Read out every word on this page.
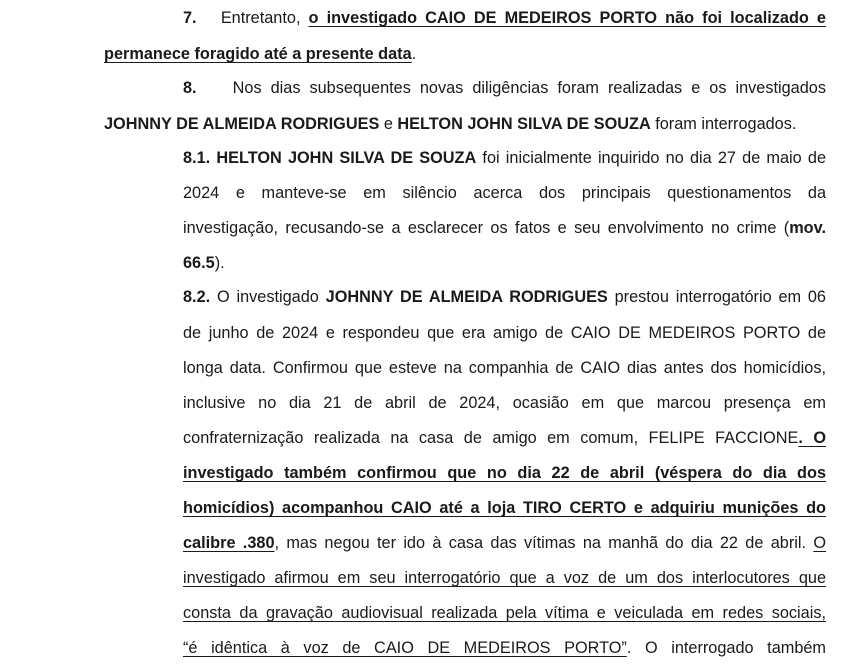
7. Entretanto, o investigado CAIO DE MEDEIROS PORTO não foi localizado e
permanece foragido até a presente data.
8. Nos dias subsequentes novas diligências foram realizadas e os investigados
JOHNNY DE ALMEIDA RODRIGUES e HELTON JOHN SILVA DE SOUZA foram interrogados.
8.1. HELTON JOHN SILVA DE SOUZA foi inicialmente inquirido no dia 27 de maio de
2024 e manteve-se em silêncio acerca dos principais questionamentos da
investigação, recusando-se a esclarecer os fatos e seu envolvimento no crime (mov.
66.5).
8.2. O investigado JOHNNY DE ALMEIDA RODRIGUES prestou interrogatório em 06
de junho de 2024 e respondeu que era amigo de CAIO DE MEDEIROS PORTO de
longa data. Confirmou que esteve na companhia de CAIO dias antes dos homicídios,
inclusive no dia 21 de abril de 2024, ocasião em que marcou presença em
confraternização realizada na casa de amigo em comum, FELIPE FACCIONE. O
investigado também confirmou que no dia 22 de abril (véspera do dia dos
homicídios) acompanhou CAIO até a loja TIRO CERTO e adquiriu munições do
calibre .380, mas negou ter ido à casa das vítimas na manhã do dia 22 de abril. O
investigado afirmou em seu interrogatório que a voz de um dos interlocutores que
consta da gravação audiovisual realizada pela vítima e veiculada em redes sociais,
“é idêntica à voz de CAIO DE MEDEIROS PORTO”. O interrogado também
